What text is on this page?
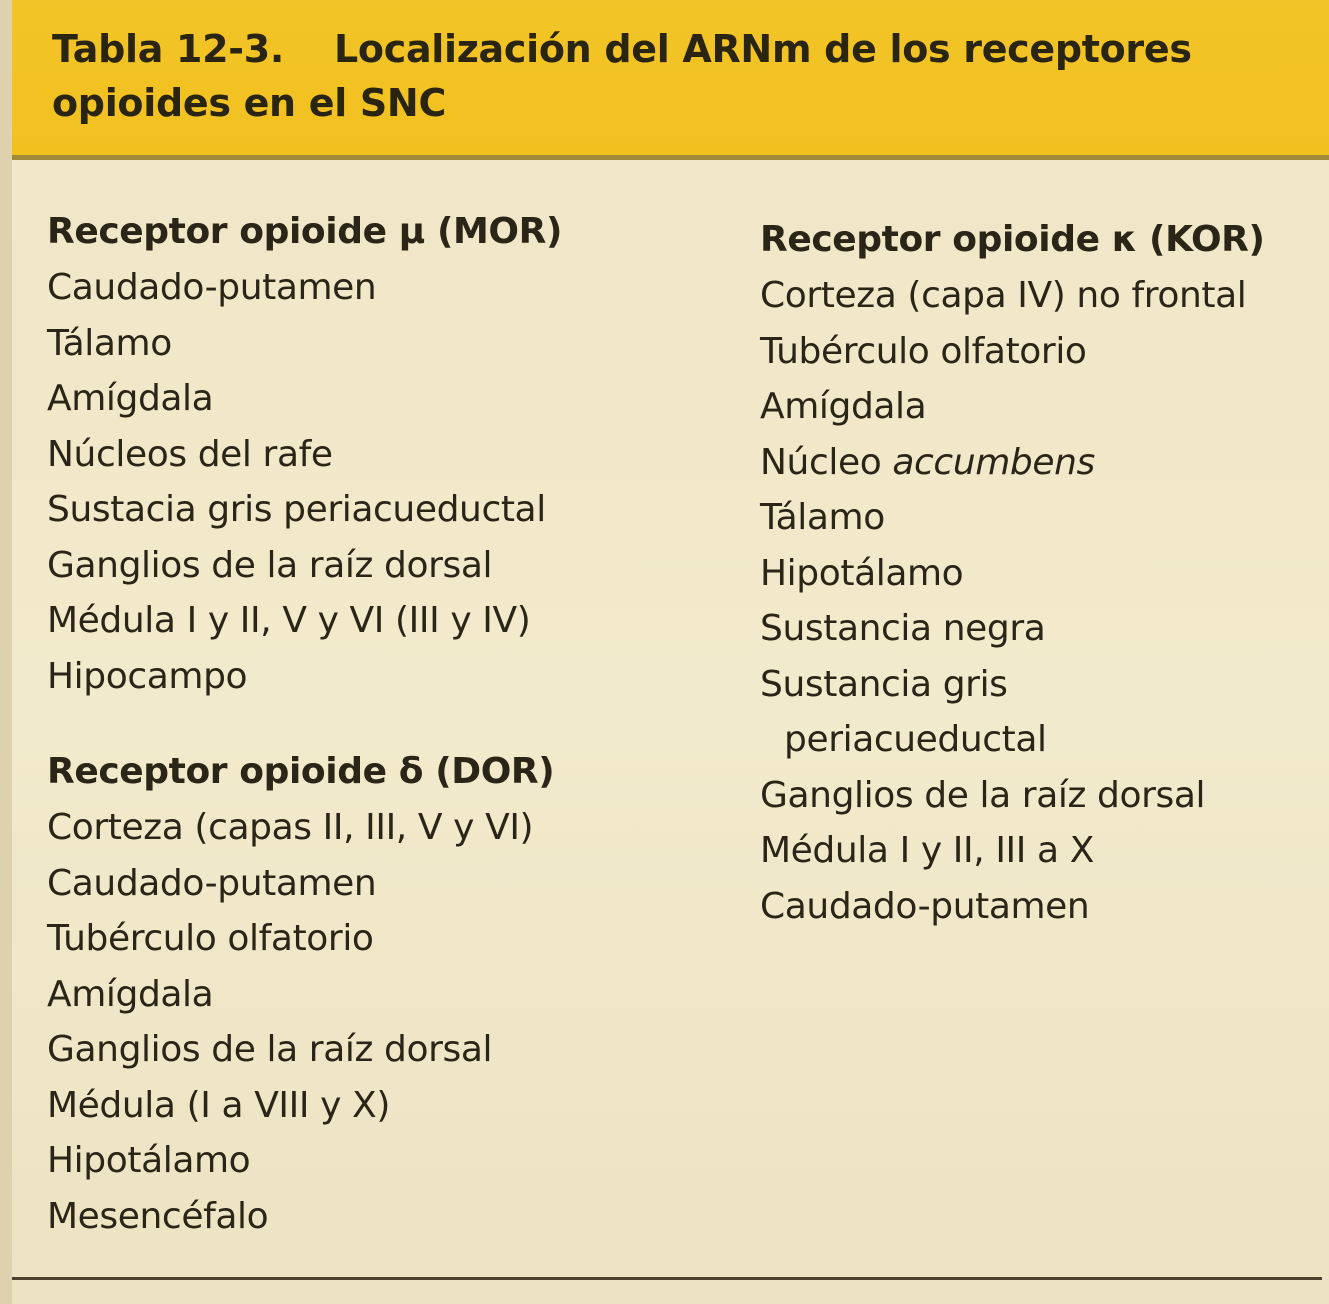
Tabla 12-3. Localización del ARNm de los receptores
opioides en el SNC
Receptor opioide μ (MOR)
Caudado-putamen
Tálamo
Amígdala
Núcleos del rafe
Sustacia gris periacueductal
Ganglios de la raíz dorsal
Médula I y II, V y VI (III y IV)
Hipocampo
Receptor opioide δ (DOR)
Corteza (capas II, III, V y VI)
Caudado-putamen
Tubérculo olfatorio
Amígdala
Ganglios de la raíz dorsal
Médula (I a VIII y X)
Hipotálamo
Mesencéfalo
Receptor opioide κ (KOR)
Corteza (capa IV) no frontal
Tubérculo olfatorio
Amígdala
Núcleo accumbens
Tálamo
Hipotálamo
Sustancia negra
Sustancia gris
periacueductal
Ganglios de la raíz dorsal
Médula I y II, III a X
Caudado-putamen
